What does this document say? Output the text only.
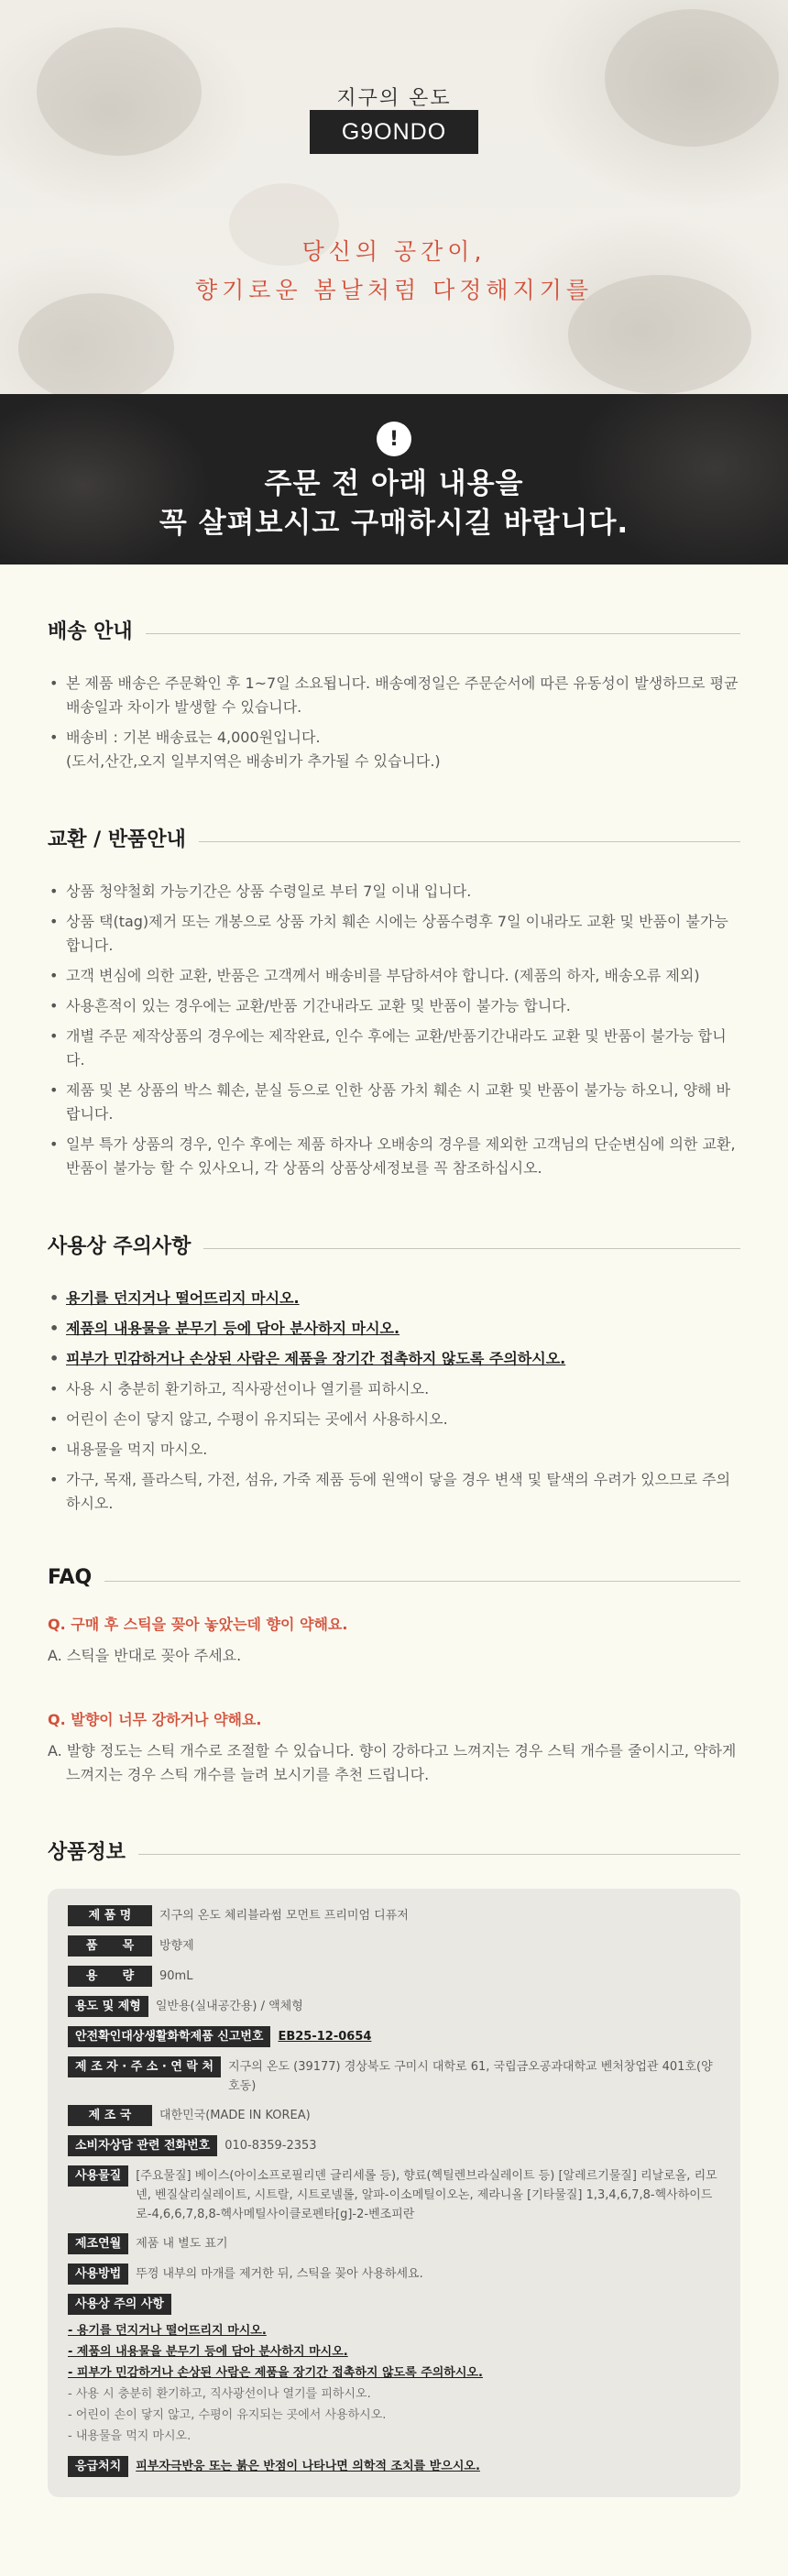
지구의 온도
G9ONDO
당신의 공간이,
향기로운 봄날처럼 다정해지기를
!
주문 전 아래 내용을
꼭 살펴보시고 구매하시길 바랍니다.
배송 안내
• 본 제품 배송은 주문확인 후 1~7일 소요됩니다. 배송예정일은 주문순서에 따른 유동성이 발생하므로 평균 배송일과 차이가 발생할 수 있습니다.
• 배송비 : 기본 배송료는 4,000원입니다.
(도서,산간,오지 일부지역은 배송비가 추가될 수 있습니다.)
교환 / 반품안내
• 상품 청약철회 가능기간은 상품 수령일로 부터 7일 이내 입니다.
• 상품 택(tag)제거 또는 개봉으로 상품 가치 훼손 시에는 상품수령후 7일 이내라도 교환 및 반품이 불가능합니다.
• 고객 변심에 의한 교환, 반품은 고객께서 배송비를 부담하셔야 합니다. (제품의 하자, 배송오류 제외)
• 사용흔적이 있는 경우에는 교환/반품 기간내라도 교환 및 반품이 불가능 합니다.
• 개별 주문 제작상품의 경우에는 제작완료, 인수 후에는 교환/반품기간내라도 교환 및 반품이 불가능 합니다.
• 제품 및 본 상품의 박스 훼손, 분실 등으로 인한 상품 가치 훼손 시 교환 및 반품이 불가능 하오니, 양해 바랍니다.
• 일부 특가 상품의 경우, 인수 후에는 제품 하자나 오배송의 경우를 제외한 고객님의 단순변심에 의한 교환, 반품이 불가능 할 수 있사오니, 각 상품의 상품상세정보를 꼭 참조하십시오.
사용상 주의사항
• 용기를 던지거나 떨어뜨리지 마시오.
• 제품의 내용물을 분무기 등에 담아 분사하지 마시오.
• 피부가 민감하거나 손상된 사람은 제품을 장기간 접촉하지 않도록 주의하시오.
• 사용 시 충분히 환기하고, 직사광선이나 열기를 피하시오.
• 어린이 손이 닿지 않고, 수평이 유지되는 곳에서 사용하시오.
• 내용물을 먹지 마시오.
• 가구, 목재, 플라스틱, 가전, 섬유, 가죽 제품 등에 원액이 닿을 경우 변색 및 탈색의 우려가 있으므로 주의 하시오.
FAQ
Q. 구매 후 스틱을 꽂아 놓았는데 향이 약해요.
A. 스틱을 반대로 꽂아 주세요.
Q. 발향이 너무 강하거나 약해요.
A. 발향 정도는 스틱 개수로 조절할 수 있습니다. 향이 강하다고 느껴지는 경우 스틱 개수를 줄이시고, 약하게 느껴지는 경우 스틱 개수를 늘려 보시기를 추천 드립니다.
상품정보
제 품 명	지구의 온도 체리블라썸 모먼트 프리미엄 디퓨저
품      목	방향제
용      량	90mL
용도 및 제형	일반용(실내공간용) / 액체형
안전확인대상생활화학제품 신고번호	EB25-12-0654
제 조 자 · 주 소 · 연 락 처	지구의 온도 (39177) 경상북도 구미시 대학로 61, 국립금오공과대학교 벤처창업관 401호(양호동)
제 조 국	대한민국(MADE IN KOREA)
소비자상담 관련 전화번호	010-8359-2353
사용물질	[주요물질] 베이스(아이소프로필리덴 글리세롤 등), 향료(헥틸렌브라실레이트 등) [알레르기물질] 리날로올, 리모넨, 벤질살리실레이트, 시트랄, 시트로넬롤, 알파-이소메틸이오논, 제라니올 [기타물질] 1,3,4,6,7,8-헥사하이드로-4,6,6,7,8,8-헥사메틸사이클로펜타[g]-2-벤조피란
제조연월	제품 내 별도 표기
사용방법	뚜껑 내부의 마개를 제거한 뒤, 스틱을 꽂아 사용하세요.
사용상 주의 사항
- 용기를 던지거나 떨어뜨리지 마시오.
- 제품의 내용물을 분무기 등에 담아 분사하지 마시오.
- 피부가 민감하거나 손상된 사람은 제품을 장기간 접촉하지 않도록 주의하시오.
- 사용 시 충분히 환기하고, 직사광선이나 열기를 피하시오.
- 어린이 손이 닿지 않고, 수평이 유지되는 곳에서 사용하시오.
- 내용물을 먹지 마시오.
응급처치	피부자극반응 또는 붉은 반점이 나타나면 의학적 조치를 받으시오.
